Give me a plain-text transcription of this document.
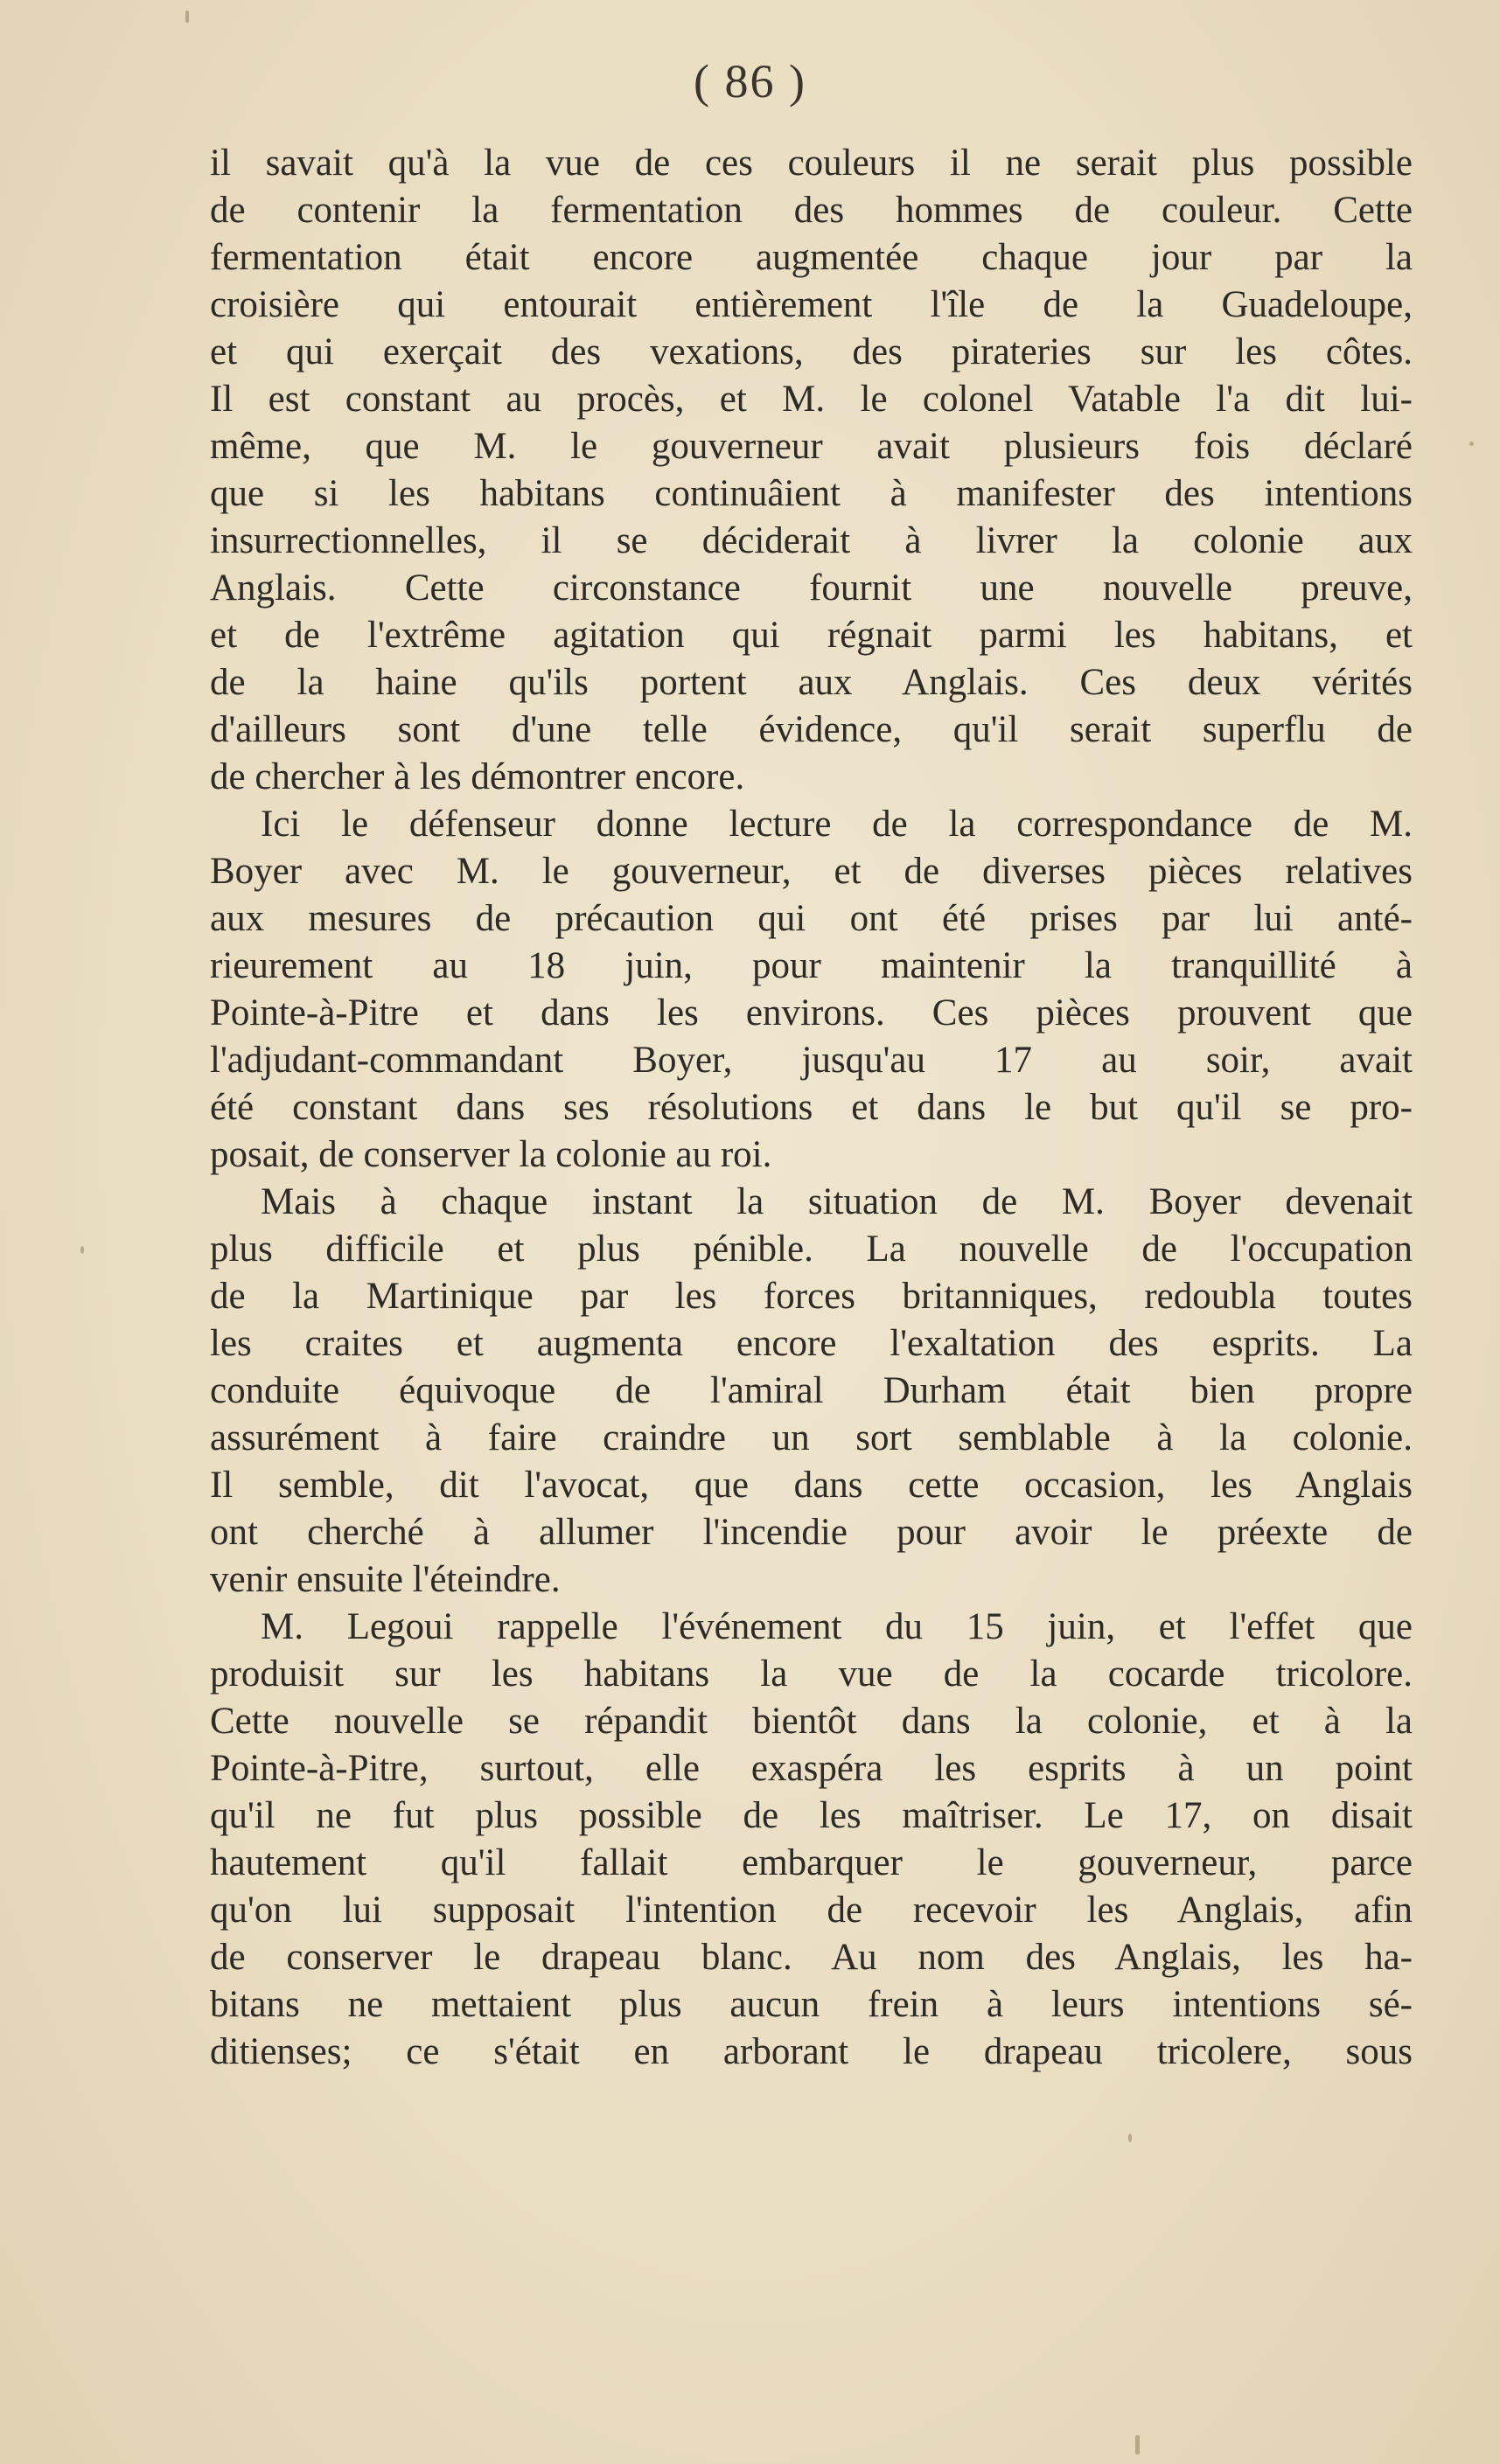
( 86 )
il savait qu'à la vue de ces couleurs il ne serait plus possible
de contenir la fermentation des hommes de couleur. Cette
fermentation était encore augmentée chaque jour par la
croisière qui entourait entièrement l'île de la Guadeloupe,
et qui exerçait des vexations, des pirateries sur les côtes.
Il est constant au procès, et M. le colonel Vatable l'a dit lui-
même, que M. le gouverneur avait plusieurs fois déclaré
que si les habitans continuâient à manifester des intentions
insurrectionnelles, il se déciderait à livrer la colonie aux
Anglais. Cette circonstance fournit une nouvelle preuve,
et de l'extrême agitation qui régnait parmi les habitans, et
de la haine qu'ils portent aux Anglais. Ces deux vérités
d'ailleurs sont d'une telle évidence, qu'il serait superflu de
de chercher à les démontrer encore.
Ici le défenseur donne lecture de la correspondance de M.
Boyer avec M. le gouverneur, et de diverses pièces relatives
aux mesures de précaution qui ont été prises par lui anté-
rieurement au 18 juin, pour maintenir la tranquillité à
Pointe-à-Pitre et dans les environs. Ces pièces prouvent que
l'adjudant-commandant Boyer, jusqu'au 17 au soir, avait
été constant dans ses résolutions et dans le but qu'il se pro-
posait, de conserver la colonie au roi.
Mais à chaque instant la situation de M. Boyer devenait
plus difficile et plus pénible. La nouvelle de l'occupation
de la Martinique par les forces britanniques, redoubla toutes
les craites et augmenta encore l'exaltation des esprits. La
conduite équivoque de l'amiral Durham était bien propre
assurément à faire craindre un sort semblable à la colonie.
Il semble, dit l'avocat, que dans cette occasion, les Anglais
ont cherché à allumer l'incendie pour avoir le préexte de
venir ensuite l'éteindre.
M. Legoui rappelle l'événement du 15 juin, et l'effet que
produisit sur les habitans la vue de la cocarde tricolore.
Cette nouvelle se répandit bientôt dans la colonie, et à la
Pointe-à-Pitre, surtout, elle exaspéra les esprits à un point
qu'il ne fut plus possible de les maîtriser. Le 17, on disait
hautement qu'il fallait embarquer le gouverneur, parce
qu'on lui supposait l'intention de recevoir les Anglais, afin
de conserver le drapeau blanc. Au nom des Anglais, les ha-
bitans ne mettaient plus aucun frein à leurs intentions sé-
ditienses; ce s'était en arborant le drapeau tricolere, sous
